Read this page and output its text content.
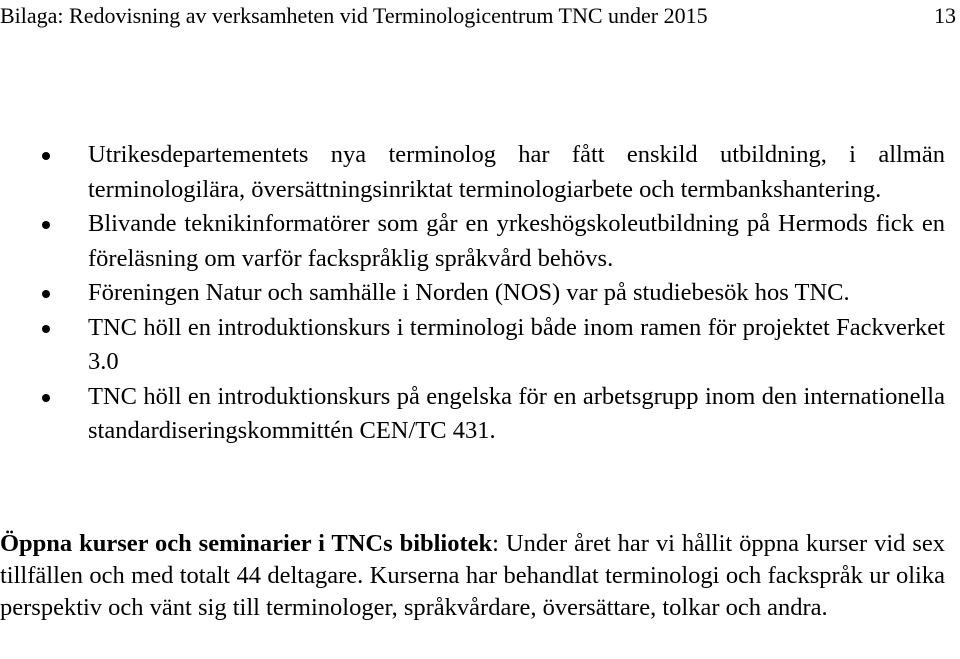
Bilaga: Redovisning av verksamheten vid Terminologicentrum TNC under 2015	13
Utrikesdepartementets nya terminolog har fått enskild utbildning, i allmän terminologilära, översättningsinriktat terminologiarbete och termbankshantering.
Blivande teknikinformatörer som går en yrkeshögskoleutbildning på Hermods fick en föreläsning om varför fackspråklig språkvård behövs.
Föreningen Natur och samhälle i Norden (NOS) var på studiebesök hos TNC.
TNC höll en introduktionskurs i terminologi både inom ramen för projektet Fackverket 3.0
TNC höll en introduktionskurs på engelska för en arbetsgrupp inom den internationella standardiseringskommittén CEN/TC 431.

Öppna kurser och seminarier i TNCs bibliotek: Under året har vi hållit öppna kurser vid sex tillfällen och med totalt 44 deltagare. Kurserna har behandlat terminologi och fackspråk ur olika perspektiv och vänt sig till terminologer, språkvårdare, översättare, tolkar och andra.
